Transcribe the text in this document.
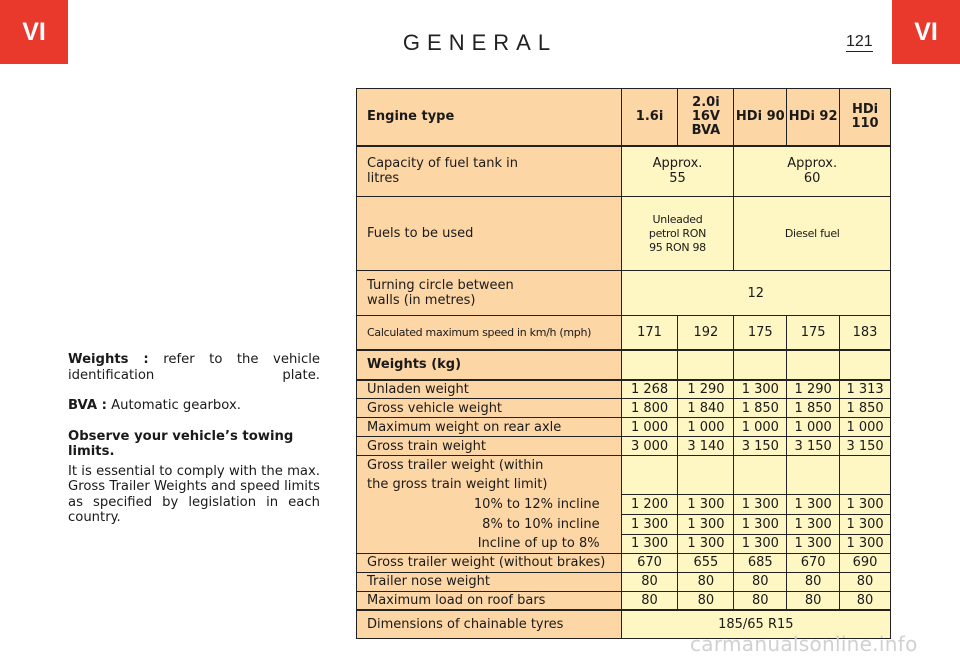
VI	GENERAL	121	VI

Weights : refer to the vehicle identification plate.

BVA : Automatic gearbox.

Observe your vehicle’s towing limits.

It is essential to comply with the max. Gross Trailer Weights and speed limits as specified by legislation in each country.

Engine type	1.6i	2.0i 16V BVA	HDi 90	HDi 92	HDi 110

Capacity of fuel tank in litres	Approx. 55		Approx. 60		

Fuels to be used	Unleaded petrol RON 95 RON 98		Diesel fuel		

Turning circle between walls (in metres)	12				
Calculated maximum speed in km/h (mph)	171	192	175	175	183
Weights (kg)					
Unladen weight	1 268	1 290	1 300	1 290	1 313
Gross vehicle weight	1 800	1 840	1 850	1 850	1 850
Maximum weight on rear axle	1 000	1 000	1 000	1 000	1 000
Gross train weight	3 000	3 140	3 150	3 150	3 150

Gross trailer weight (within
the gross train weight limit)					

10% to 12% incline	1 200	1 300	1 300	1 300	1 300

8% to 10% incline	1 300	1 300	1 300	1 300	1 300

Incline of up to 8%	1 300	1 300	1 300	1 300	1 300
Gross trailer weight (without brakes)	670	655	685	670	690
Trailer nose weight	80	80	80	80	80
Maximum load on roof bars	80	80	80	80	80
Dimensions of chainable tyres	185/65 R15				
carmanualsonline.info
